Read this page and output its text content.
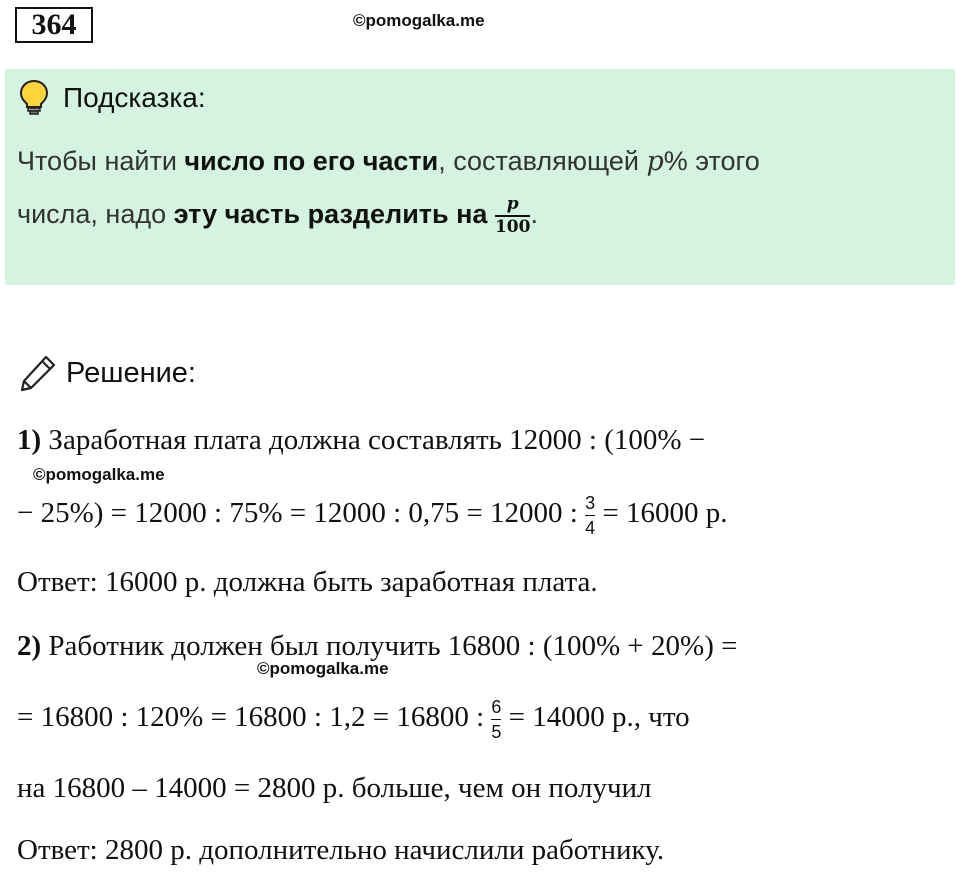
364	©pomogalka.me
Подсказка:
Чтобы найти число по его части, составляющей p% этого
числа, надо эту часть разделить на $\frac{p}{100}$ .
Решение:
1) Заработная плата должна составлять 12000 : (100% −
©pomogalka.me
− 25%) = 12000 : 75% = 12000 : 0,75 = 12000 : $\frac{3}{4} = 16000$ р.
Ответ: 16000 р. должна быть заработная плата.
2) Работник должен был получить 16800 : (100% + 20%) =
©pomogalka.me
= 16800 : 120% = 16800 : 1,2 = 16800 : $\frac{6}{5} = 14000$ р., что
на 16800 – 14000 = 2800 р. больше, чем он получил
Ответ: 2800 р. дополнительно начислили работнику.
